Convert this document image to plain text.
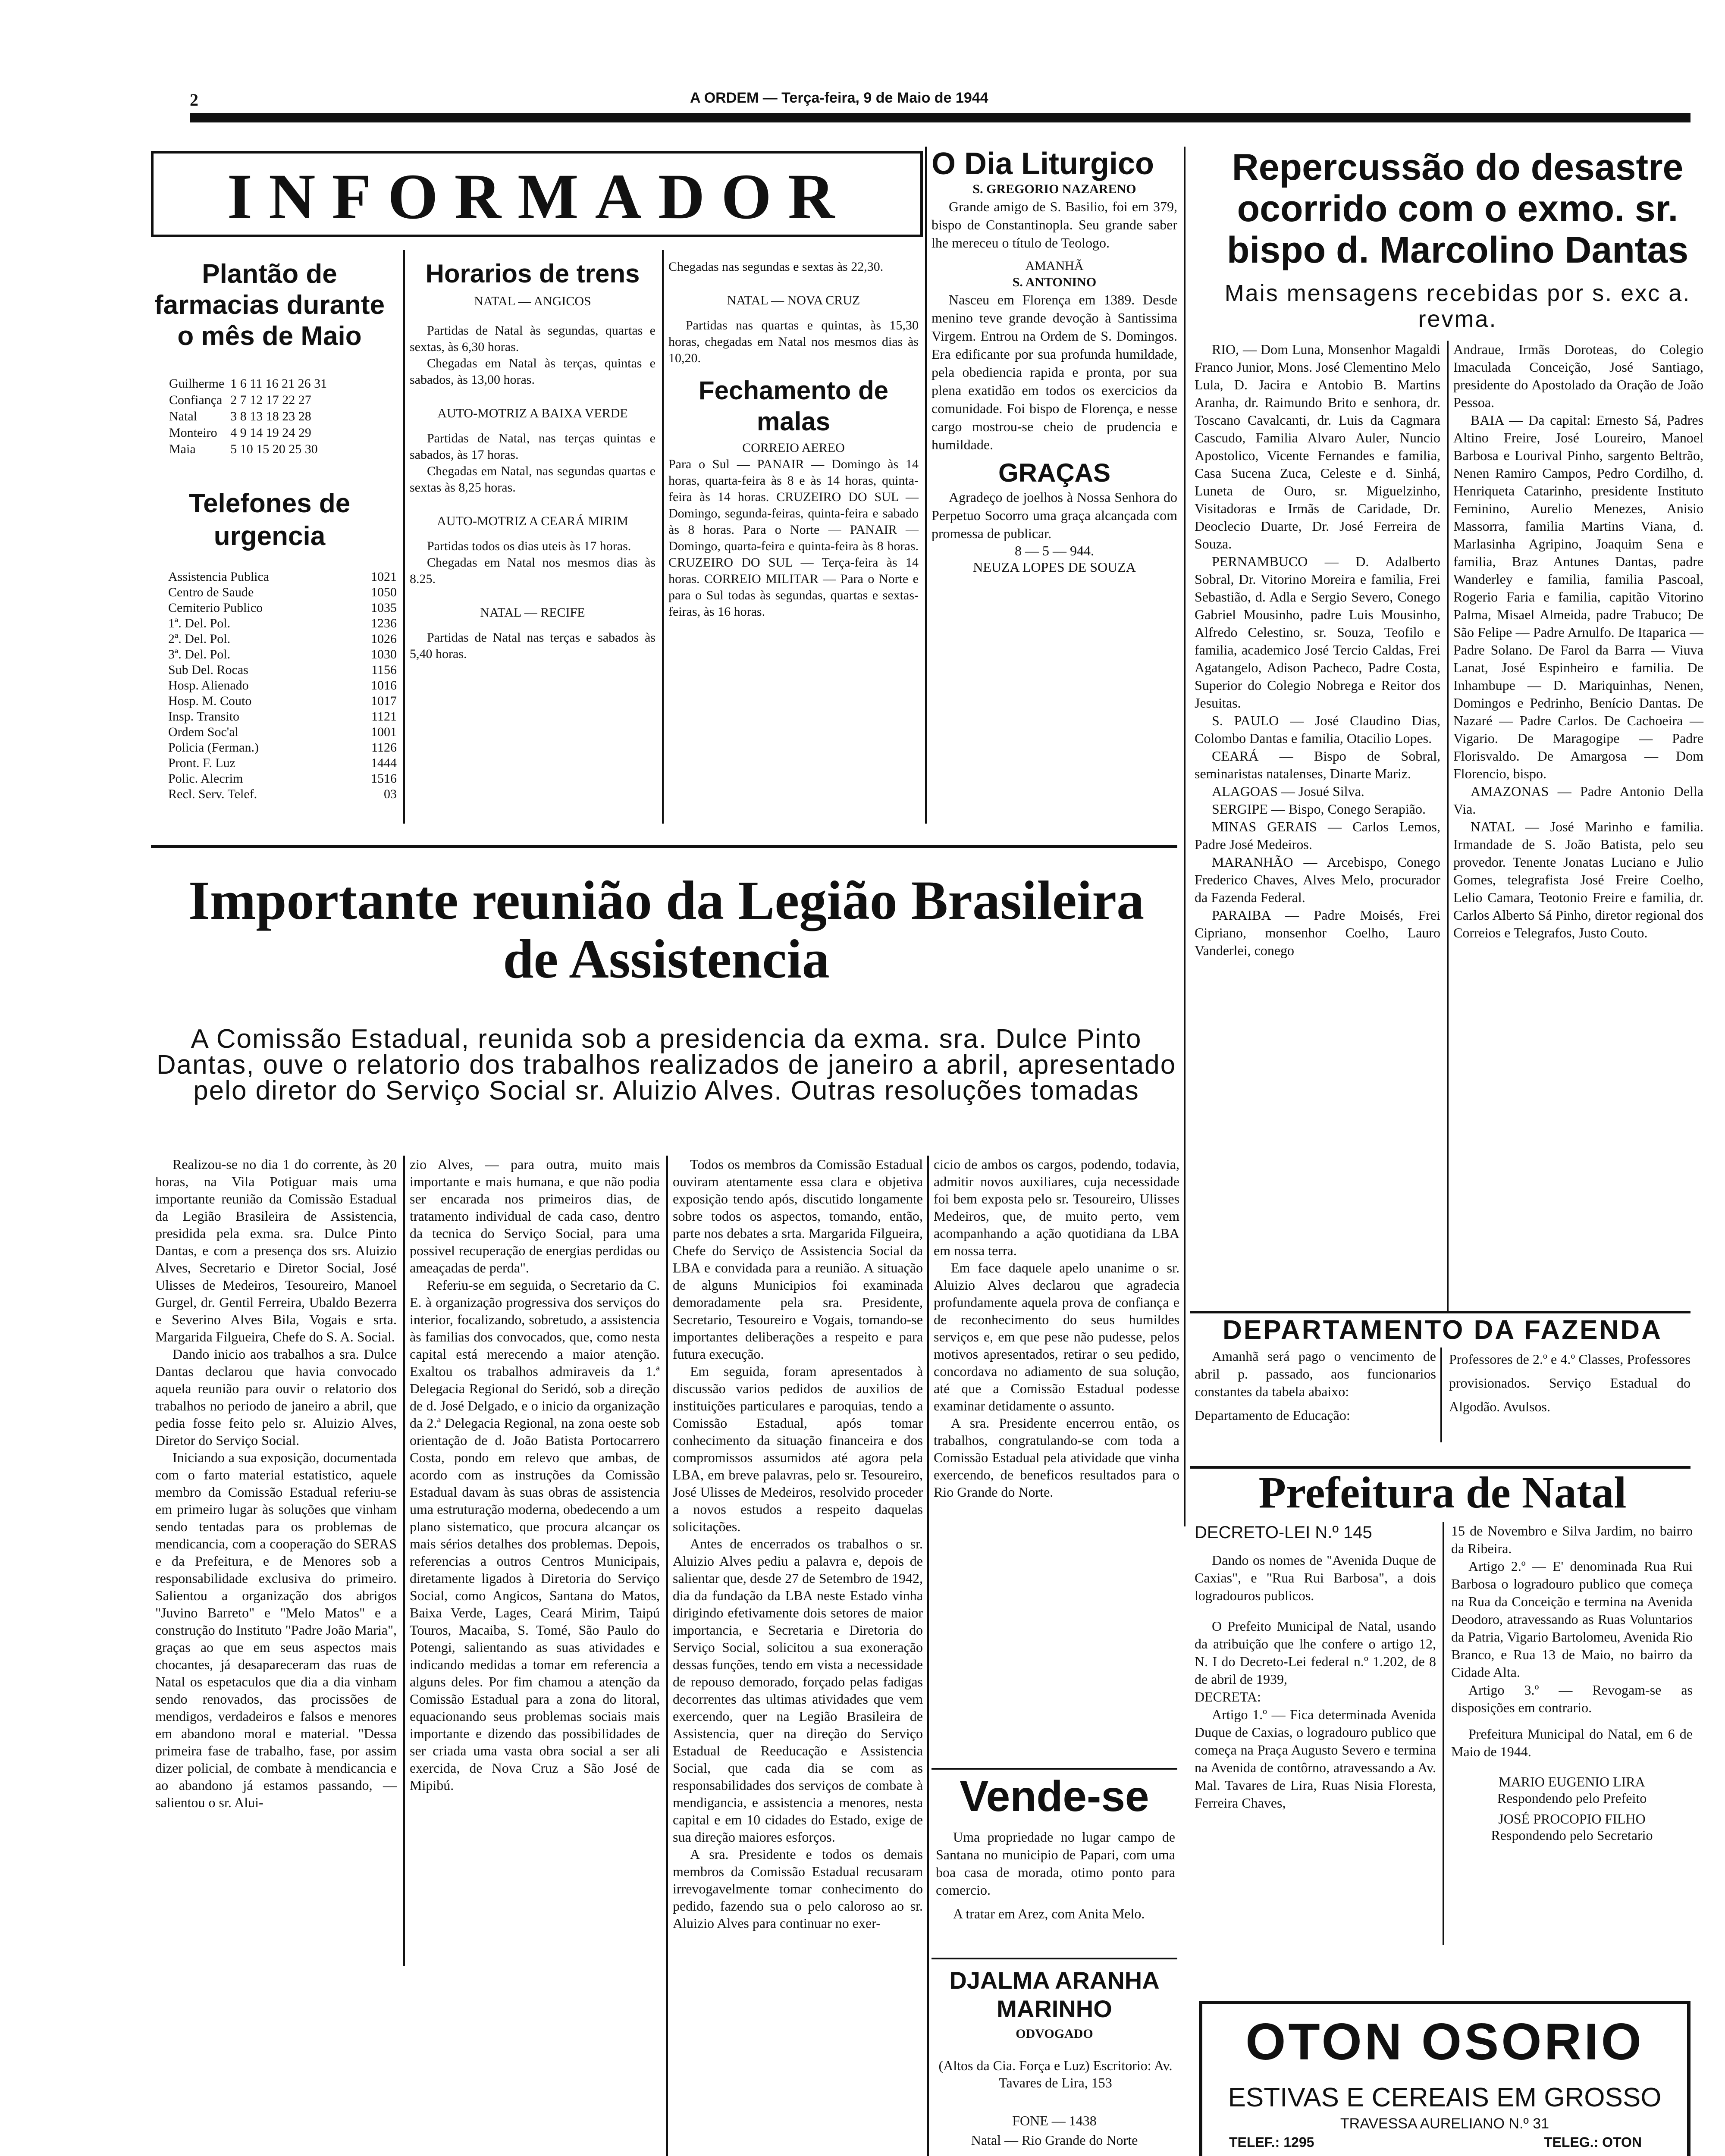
2	A ORDEM — Terça-feira, 9 de Maio de 1944
INFORMADOR
Plantão de farmacias durante o mês de Maio
Guilherme	1 6 11 16 21 26 31
Confiança	2 7 12 17 22 27
Natal	3 8 13 18 23 28
Monteiro	4 9 14 19 24 29
Maia	5 10 15 20 25 30
Telefones de urgencia
Assistencia Publica	1021
Centro de Saude	1050
Cemiterio Publico	1035
1ª. Del. Pol.	1236
2ª. Del. Pol.	1026
3ª. Del. Pol.	1030
Sub Del. Rocas	1156
Hosp. Alienado	1016
Hosp. M. Couto	1017
Insp. Transito	1121
Ordem Soc'al	1001
Policia (Ferman.)	1126
Pront. F. Luz	1444
Polic. Alecrim	1516
Recl. Serv. Telef.	03
Horarios de trens
NATAL — ANGICOS
Partidas de Natal às segundas, quartas e sextas, às 6,30 horas.
Chegadas em Natal às terças, quintas e sabados, às 13,00 horas.
AUTO-MOTRIZ A BAIXA VERDE
Partidas de Natal, nas terças quintas e sabados, às 17 horas.
Chegadas em Natal, nas segundas quartas e sextas às 8,25 horas.
AUTO-MOTRIZ A CEARÁ MIRIM
Partidas todos os dias uteis às 17 horas.
Chegadas em Natal nos mesmos dias às 8.25.
NATAL — RECIFE
Partidas de Natal nas terças e sabados às 5,40 horas.
Chegadas nas segundas e sextas às 22,30.
NATAL — NOVA CRUZ
Partidas nas quartas e quintas, às 15,30 horas, chegadas em Natal nos mesmos dias às 10,20.
Fechamento de malas
CORREIO AEREO
Para o Sul — PANAIR — Domingo às 14 horas, quarta-feira às 8 e às 14 horas, quinta-feira às 14 horas. CRUZEIRO DO SUL — Domingo, segunda-feiras, quinta-feira e sabado às 8 horas. Para o Norte — PANAIR — Domingo, quarta-feira e quinta-feira às 8 horas. CRUZEIRO DO SUL — Terça-feira às 14 horas. CORREIO MILITAR — Para o Norte e para o Sul todas às segundas, quartas e sextas-feiras, às 16 horas.
O Dia Liturgico
S. GREGORIO NAZARENO
Grande amigo de S. Basilio, foi em 379, bispo de Constantinopla. Seu grande saber lhe mereceu o título de Teologo.
AMANHÃ
S. ANTONINO
Nasceu em Florença em 1389. Desde menino teve grande devoção à Santissima Virgem. Entrou na Ordem de S. Domingos. Era edificante por sua profunda humildade, pela obediencia rapida e pronta, por sua plena exatidão em todos os exercicios da comunidade. Foi bispo de Florença, e nesse cargo mostrou-se cheio de prudencia e humildade.
GRAÇAS
Agradeço de joelhos à Nossa Senhora do Perpetuo Socorro uma graça alcançada com promessa de publicar.
8 — 5 — 944.
NEUZA LOPES DE SOUZA
Repercussão do desastre ocorrido com o exmo. sr. bispo d. Marcolino Dantas
Mais mensagens recebidas por s. exc a. revma.
RIO, — Dom Luna, Monsenhor Magaldi Franco Junior, Mons. José Clementino Melo Lula, D. Jacira e Antobio B. Martins Aranha, dr. Raimundo Brito e senhora, dr. Toscano Cavalcanti, dr. Luis da Cagmara Cascudo, Familia Alvaro Auler, Nuncio Apostolico, Vicente Fernandes e familia, Casa Sucena Zuca, Celeste e d. Sinhá, Luneta de Ouro, sr. Miguelzinho, Visitadoras e Irmãs de Caridade, Dr. Deoclecio Duarte, Dr. José Ferreira de Souza.
PERNAMBUCO — D. Adalberto Sobral, Dr. Vitorino Moreira e familia, Frei Sebastião, d. Adla e Sergio Severo, Conego Gabriel Mousinho, padre Luis Mousinho, Alfredo Celestino, sr. Souza, Teofilo e familia, academico José Tercio Caldas, Frei Agatangelo, Adison Pacheco, Padre Costa, Superior do Colegio Nobrega e Reitor dos Jesuitas.
S. PAULO — José Claudino Dias, Colombo Dantas e familia, Otacilio Lopes.
CEARÁ — Bispo de Sobral, seminaristas natalenses, Dinarte Mariz.
ALAGOAS — Josué Silva.
SERGIPE — Bispo, Conego Serapião.
MINAS GERAIS — Carlos Lemos, Padre José Medeiros.
MARANHÃO — Arcebispo, Conego Frederico Chaves, Alves Melo, procurador da Fazenda Federal.
PARAIBA — Padre Moisés, Frei Cipriano, monsenhor Coelho, Lauro Vanderlei, conego
Andraue, Irmãs Doroteas, do Colegio Imaculada Conceição, José Santiago, presidente do Apostolado da Oração de João Pessoa.
BAIA — Da capital: Ernesto Sá, Padres Altino Freire, José Loureiro, Manoel Barbosa e Lourival Pinho, sargento Beltrão, Nenen Ramiro Campos, Pedro Cordilho, d. Henriqueta Catarinho, presidente Instituto Feminino, Aurelio Menezes, Anisio Massorra, familia Martins Viana, d. Marlasinha Agripino, Joaquim Sena e familia, Braz Antunes Dantas, padre Wanderley e familia, familia Pascoal, Rogerio Faria e familia, capitão Vitorino Palma, Misael Almeida, padre Trabuco; De São Felipe — Padre Arnulfo. De Itaparica — Padre Solano. De Farol da Barra — Viuva Lanat, José Espinheiro e familia. De Inhambupe — D. Mariquinhas, Nenen, Domingos e Pedrinho, Benício Dantas. De Nazaré — Padre Carlos. De Cachoeira — Vigario. De Maragogipe — Padre Florisvaldo. De Amargosa — Dom Florencio, bispo.
AMAZONAS — Padre Antonio Della Via.
NATAL — José Marinho e familia. Irmandade de S. João Batista, pelo seu provedor. Tenente Jonatas Luciano e Julio Gomes, telegrafista José Freire Coelho, Lelio Camara, Teotonio Freire e familia, dr. Carlos Alberto Sá Pinho, diretor regional dos Correios e Telegrafos, Justo Couto.
DEPARTAMENTO DA FAZENDA
Amanhã será pago o vencimento de abril p. passado, aos funcionarios constantes da tabela abaixo:
Departamento de Educação:
Professores de 2.º e 4.º Classes, Professores provisionados. Serviço Estadual do Algodão. Avulsos.
Prefeitura de Natal
DECRETO-LEI N.º 145
Dando os nomes de "Avenida Duque de Caxias", e "Rua Rui Barbosa", a dois logradouros publicos.
O Prefeito Municipal de Natal, usando da atribuição que lhe confere o artigo 12, N. I do Decreto-Lei federal n.º 1.202, de 8 de abril de 1939,
DECRETA:
Artigo 1.º — Fica determinada Avenida Duque de Caxias, o logradouro publico que começa na Praça Augusto Severo e termina na Avenida de contôrno, atravessando a Av. Mal. Tavares de Lira, Ruas Nisia Floresta, Ferreira Chaves,
15 de Novembro e Silva Jardim, no bairro da Ribeira.
Artigo 2.º — E' denominada Rua Rui Barbosa o logradouro publico que começa na Rua da Conceição e termina na Avenida Deodoro, atravessando as Ruas Voluntarios da Patria, Vigario Bartolomeu, Avenida Rio Branco, e Rua 13 de Maio, no bairro da Cidade Alta.
Artigo 3.º — Revogam-se as disposições em contrario.
Prefeitura Municipal do Natal, em 6 de Maio de 1944.
MARIO EUGENIO LIRA
Respondendo pelo Prefeito
JOSÉ PROCOPIO FILHO
Respondendo pelo Secretario
OTON OSORIO
ESTIVAS E CEREAIS EM GROSSO
TRAVESSA AURELIANO N.º 31
TELEF.: 1295	TELEG.: OTON
Importante reunião da Legião Brasileira de Assistencia
A Comissão Estadual, reunida sob a presidencia da exma. sra. Dulce Pinto Dantas, ouve o relatorio dos trabalhos realizados de janeiro a abril, apresentado pelo diretor do Serviço Social sr. Aluizio Alves. Outras resoluções tomadas
Realizou-se no dia 1 do corrente, às 20 horas, na Vila Potiguar mais uma importante reunião da Comissão Estadual da Legião Brasileira de Assistencia, presidida pela exma. sra. Dulce Pinto Dantas, e com a presença dos srs. Aluizio Alves, Secretario e Diretor Social, José Ulisses de Medeiros, Tesoureiro, Manoel Gurgel, dr. Gentil Ferreira, Ubaldo Bezerra e Severino Alves Bila, Vogais e srta. Margarida Filgueira, Chefe do S. A. Social.
Dando inicio aos trabalhos a sra. Dulce Dantas declarou que havia convocado aquela reunião para ouvir o relatorio dos trabalhos no periodo de janeiro a abril, que pedia fosse feito pelo sr. Aluizio Alves, Diretor do Serviço Social.
Iniciando a sua exposição, documentada com o farto material estatistico, aquele membro da Comissão Estadual referiu-se em primeiro lugar às soluções que vinham sendo tentadas para os problemas de mendicancia, com a cooperação do SERAS e da Prefeitura, e de Menores sob a responsabilidade exclusiva do primeiro. Salientou a organização dos abrigos "Juvino Barreto" e "Melo Matos" e a construção do Instituto "Padre João Maria", graças ao que em seus aspectos mais chocantes, já desapareceram das ruas de Natal os espetaculos que dia a dia vinham sendo renovados, das procissões de mendigos, verdadeiros e falsos e menores em abandono moral e material. "Dessa primeira fase de trabalho, fase, por assim dizer policial, de combate à mendicancia e ao abandono já estamos passando, — salientou o sr. Alui-
zio Alves, — para outra, muito mais importante e mais humana, e que não podia ser encarada nos primeiros dias, de tratamento individual de cada caso, dentro da tecnica do Serviço Social, para uma possivel recuperação de energias perdidas ou ameaçadas de perda".
Referiu-se em seguida, o Secretario da C. E. à organização progressiva dos serviços do interior, focalizando, sobretudo, a assistencia às familias dos convocados, que, como nesta capital está merecendo a maior atenção. Exaltou os trabalhos admiraveis da 1.ª Delegacia Regional do Seridó, sob a direção de d. José Delgado, e o inicio da organização da 2.ª Delegacia Regional, na zona oeste sob orientação de d. João Batista Portocarrero Costa, pondo em relevo que ambas, de acordo com as instruções da Comissão Estadual davam às suas obras de assistencia uma estruturação moderna, obedecendo a um plano sistematico, que procura alcançar os mais sérios detalhes dos problemas. Depois, referencias a outros Centros Municipais, diretamente ligados à Diretoria do Serviço Social, como Angicos, Santana do Matos, Baixa Verde, Lages, Ceará Mirim, Taipú Touros, Macaiba, S. Tomé, São Paulo do Potengi, salientando as suas atividades e indicando medidas a tomar em referencia a alguns deles. Por fim chamou a atenção da Comissão Estadual para a zona do litoral, equacionando seus problemas sociais mais importante e dizendo das possibilidades de ser criada uma vasta obra social a ser ali exercida, de Nova Cruz a São José de Mipibú.
Todos os membros da Comissão Estadual ouviram atentamente essa clara e objetiva exposição tendo após, discutido longamente sobre todos os aspectos, tomando, então, parte nos debates a srta. Margarida Filgueira, Chefe do Serviço de Assistencia Social da LBA e convidada para a reunião. A situação de alguns Municipios foi examinada demoradamente pela sra. Presidente, Secretario, Tesoureiro e Vogais, tomando-se importantes deliberações a respeito e para futura execução.
Em seguida, foram apresentados à discussão varios pedidos de auxilios de instituições particulares e paroquias, tendo a Comissão Estadual, após tomar conhecimento da situação financeira e dos compromissos assumidos até agora pela LBA, em breve palavras, pelo sr. Tesoureiro, José Ulisses de Medeiros, resolvido proceder a novos estudos a respeito daquelas solicitações.
Antes de encerrados os trabalhos o sr. Aluizio Alves pediu a palavra e, depois de salientar que, desde 27 de Setembro de 1942, dia da fundação da LBA neste Estado vinha dirigindo efetivamente dois setores de maior importancia, e Secretaria e Diretoria do Serviço Social, solicitou a sua exoneração dessas funções, tendo em vista a necessidade de repouso demorado, forçado pelas fadigas decorrentes das ultimas atividades que vem exercendo, quer na Legião Brasileira de Assistencia, quer na direção do Serviço Estadual de Reeducação e Assistencia Social, que cada dia se com as responsabilidades dos serviços de combate à mendigancia, e assistencia a menores, nesta capital e em 10 cidades do Estado, exige de sua direção maiores esforços.
A sra. Presidente e todos os demais membros da Comissão Estadual recusaram irrevogavelmente tomar conhecimento do pedido, fazendo sua o pelo caloroso ao sr. Aluizio Alves para continuar no exer-
cicio de ambos os cargos, podendo, todavia, admitir novos auxiliares, cuja necessidade foi bem exposta pelo sr. Tesoureiro, Ulisses Medeiros, que, de muito perto, vem acompanhando a ação quotidiana da LBA em nossa terra.
Em face daquele apelo unanime o sr. Aluizio Alves declarou que agradecia profundamente aquela prova de confiança e de reconhecimento do seus humildes serviços e, em que pese não pudesse, pelos motivos apresentados, retirar o seu pedido, concordava no adiamento de sua solução, até que a Comissão Estadual podesse examinar detidamente o assunto.
A sra. Presidente encerrou então, os trabalhos, congratulando-se com toda a Comissão Estadual pela atividade que vinha exercendo, de beneficos resultados para o Rio Grande do Norte.
Vende-se
Uma propriedade no lugar campo de Santana no municipio de Papari, com uma boa casa de morada, otimo ponto para comercio.
A tratar em Arez, com Anita Melo.
DJALMA ARANHA MARINHO
ODVOGADO
(Altos da Cia. Força e Luz) Escritorio: Av. Tavares de Lira, 153
FONE — 1438
Natal — Rio Grande do Norte
